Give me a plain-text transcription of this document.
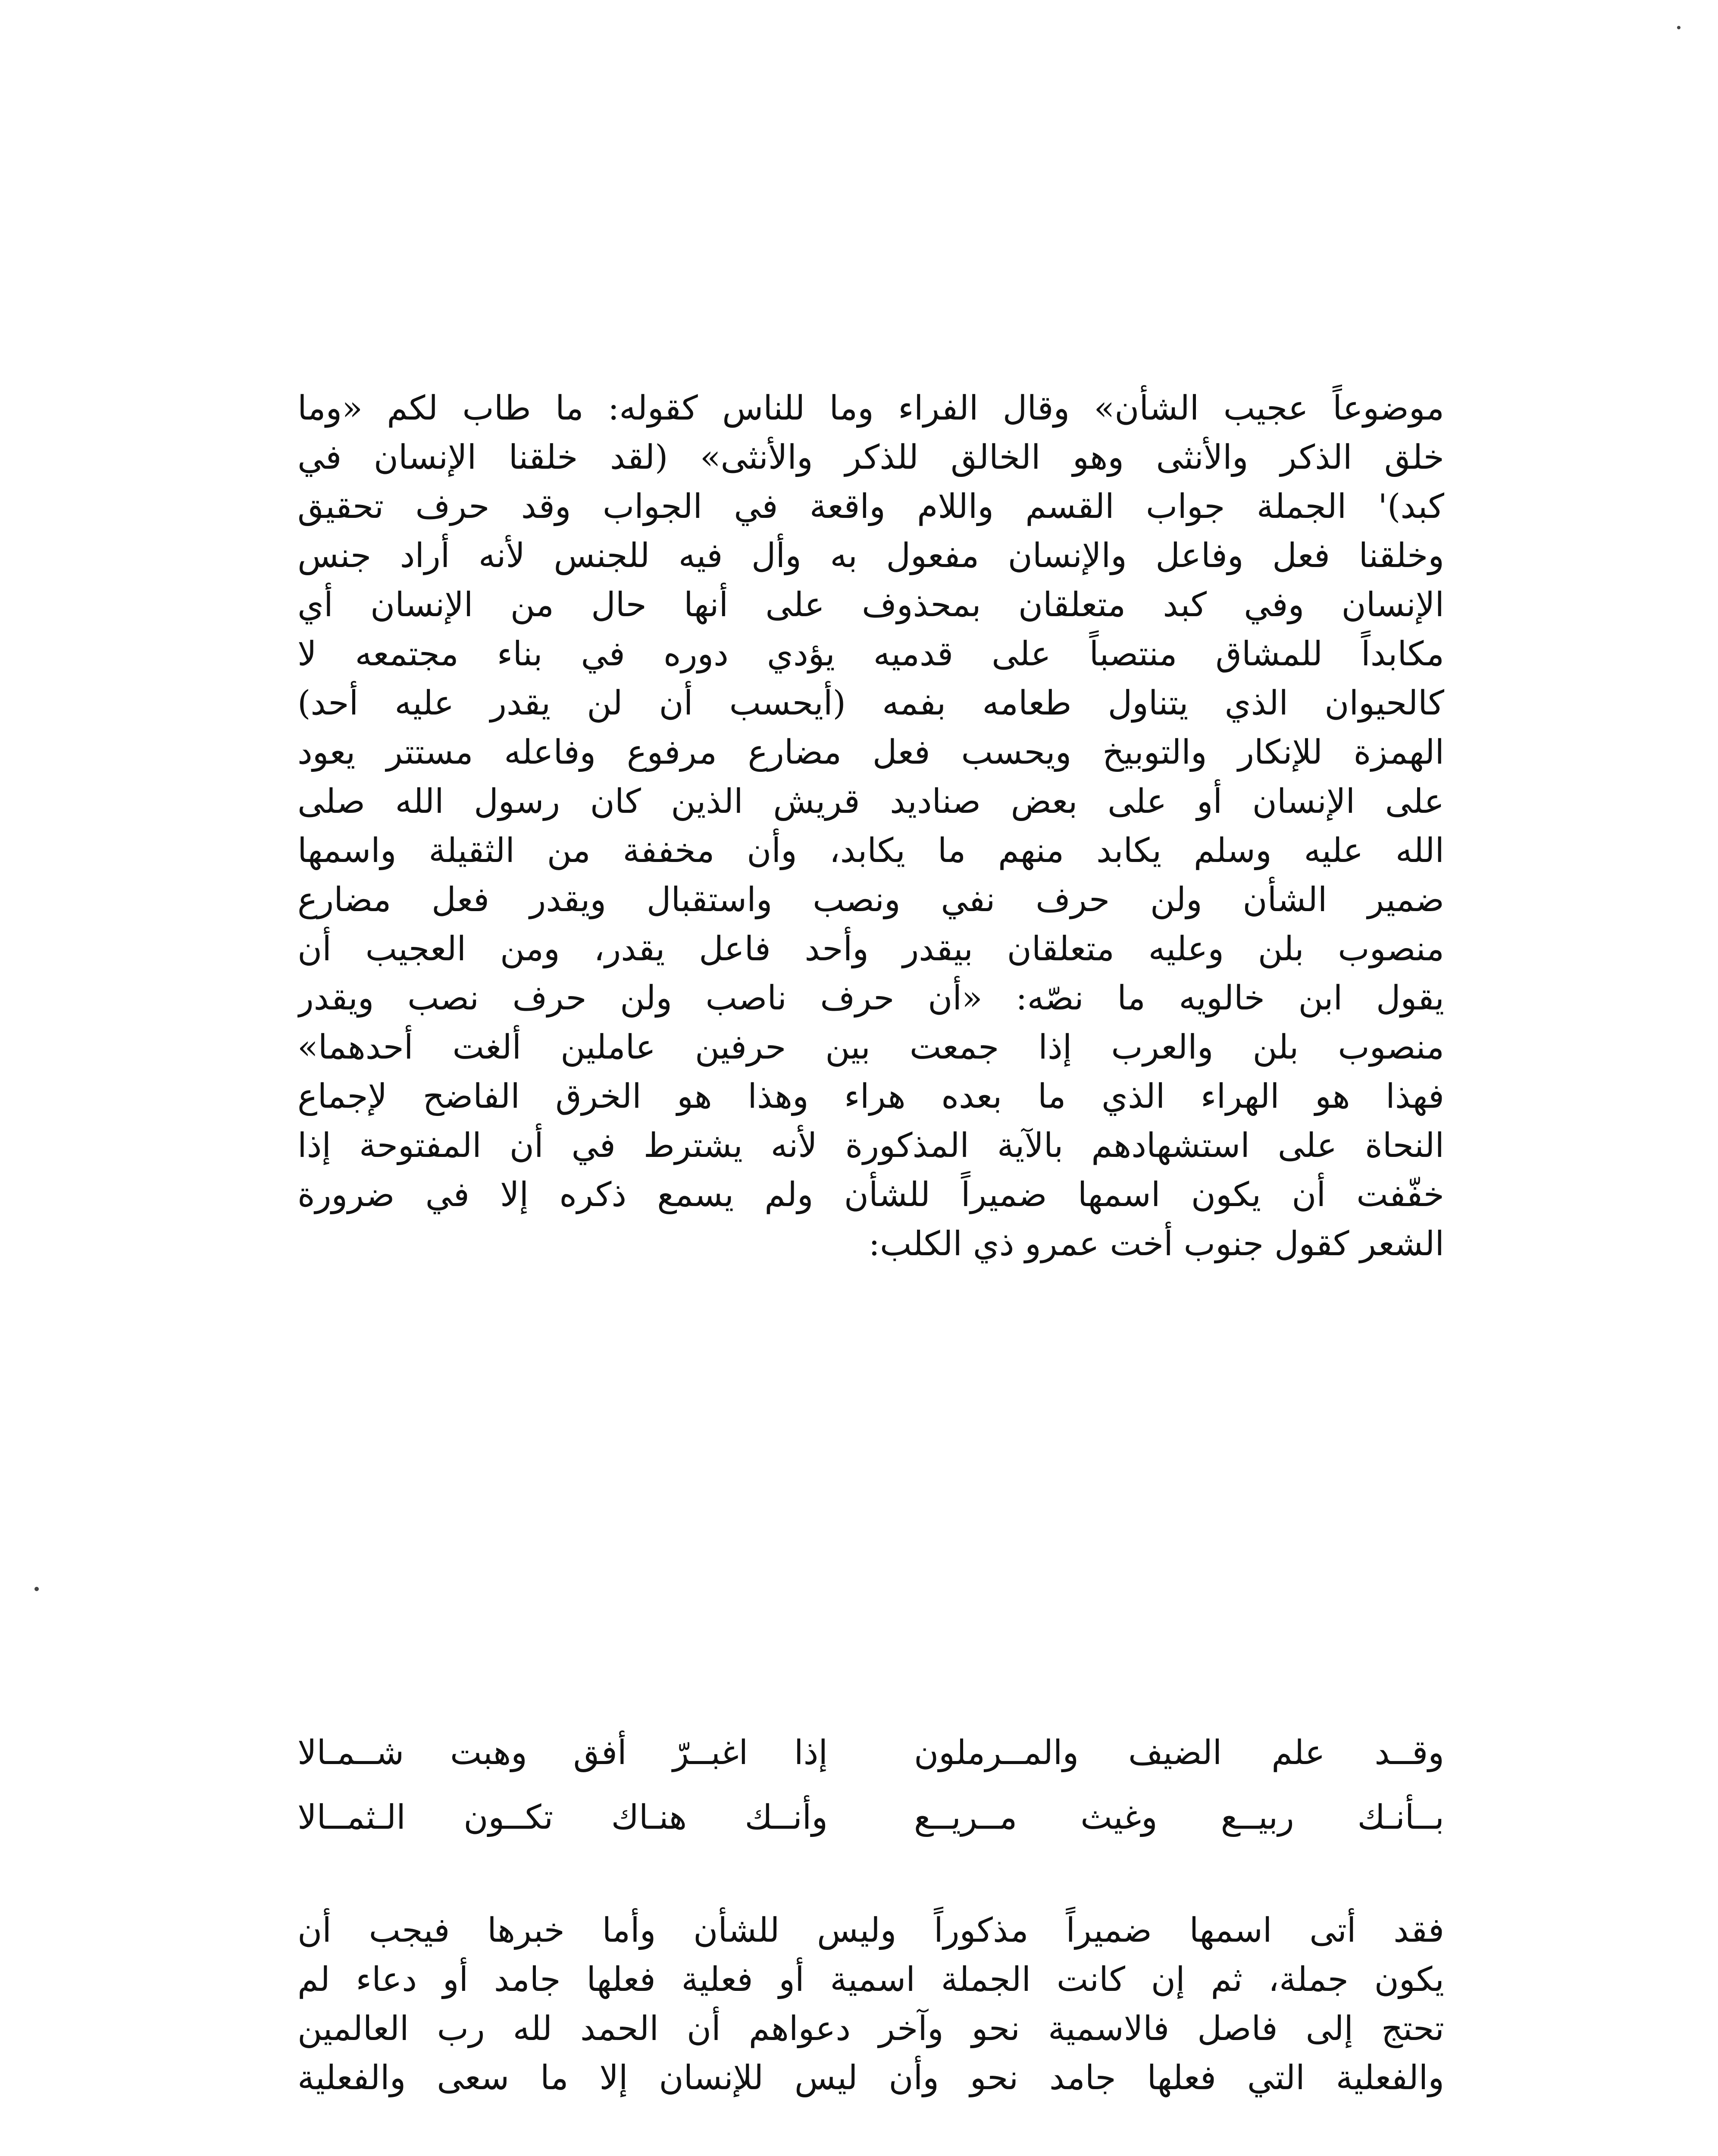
موضوعاً عجيب الشأن» وقال الفراء وما للناس كقوله: ما طاب لكم «وما
خلق الذكر والأنثى وهو الخالق للذكر والأنثى» (لقد خلقنا الإنسان في
كبد)' الجملة جواب القسم واللام واقعة في الجواب وقد حرف تحقيق
وخلقنا فعل وفاعل والإنسان مفعول به وأل فيه للجنس لأنه أراد جنس
الإنسان وفي كبد متعلقان بمحذوف على أنها حال من الإنسان أي
مكابداً للمشاق منتصباً على قدميه يؤدي دوره في بناء مجتمعه لا
كالحيوان الذي يتناول طعامه بفمه (أيحسب أن لن يقدر عليه أحد)
الهمزة للإنكار والتوبيخ ويحسب فعل مضارع مرفوع وفاعله مستتر يعود
على الإنسان أو على بعض صناديد قريش الذين كان رسول الله صلى
الله عليه وسلم يكابد منهم ما يكابد، وأن مخففة من الثقيلة واسمها
ضمير الشأن ولن حرف نفي ونصب واستقبال ويقدر فعل مضارع
منصوب بلن وعليه متعلقان بيقدر وأحد فاعل يقدر، ومن العجيب أن
يقول ابن خالويه ما نصّه: «أن حرف ناصب ولن حرف نصب ويقدر
منصوب بلن والعرب إذا جمعت بين حرفين عاملين ألغت أحدهما»
فهذا هو الهراء الذي ما بعده هراء وهذا هو الخرق الفاضح لإجماع
النحاة على استشهادهم بالآية المذكورة لأنه يشترط في أن المفتوحة إذا
خفّفت أن يكون اسمها ضميراً للشأن ولم يسمع ذكره إلا في ضرورة
الشعر كقول جنوب أخت عمرو ذي الكلب:
وقــد علم الضيف والمــرملون
إذا اغبــرّ أفق وهبت شــمـالا
بــأنـك ربيــع وغيث مــريــع
وأنــك هنـاك تكــون الـثمــالا
فقد أتى اسمها ضميراً مذكوراً وليس للشأن وأما خبرها فيجب أن
يكون جملة، ثم إن كانت الجملة اسمية أو فعلية فعلها جامد أو دعاء لم
تحتج إلى فاصل فالاسمية نحو وآخر دعواهم أن الحمد لله رب العالمين
والفعلية التي فعلها جامد نحو وأن ليس للإنسان إلا ما سعى والفعلية
